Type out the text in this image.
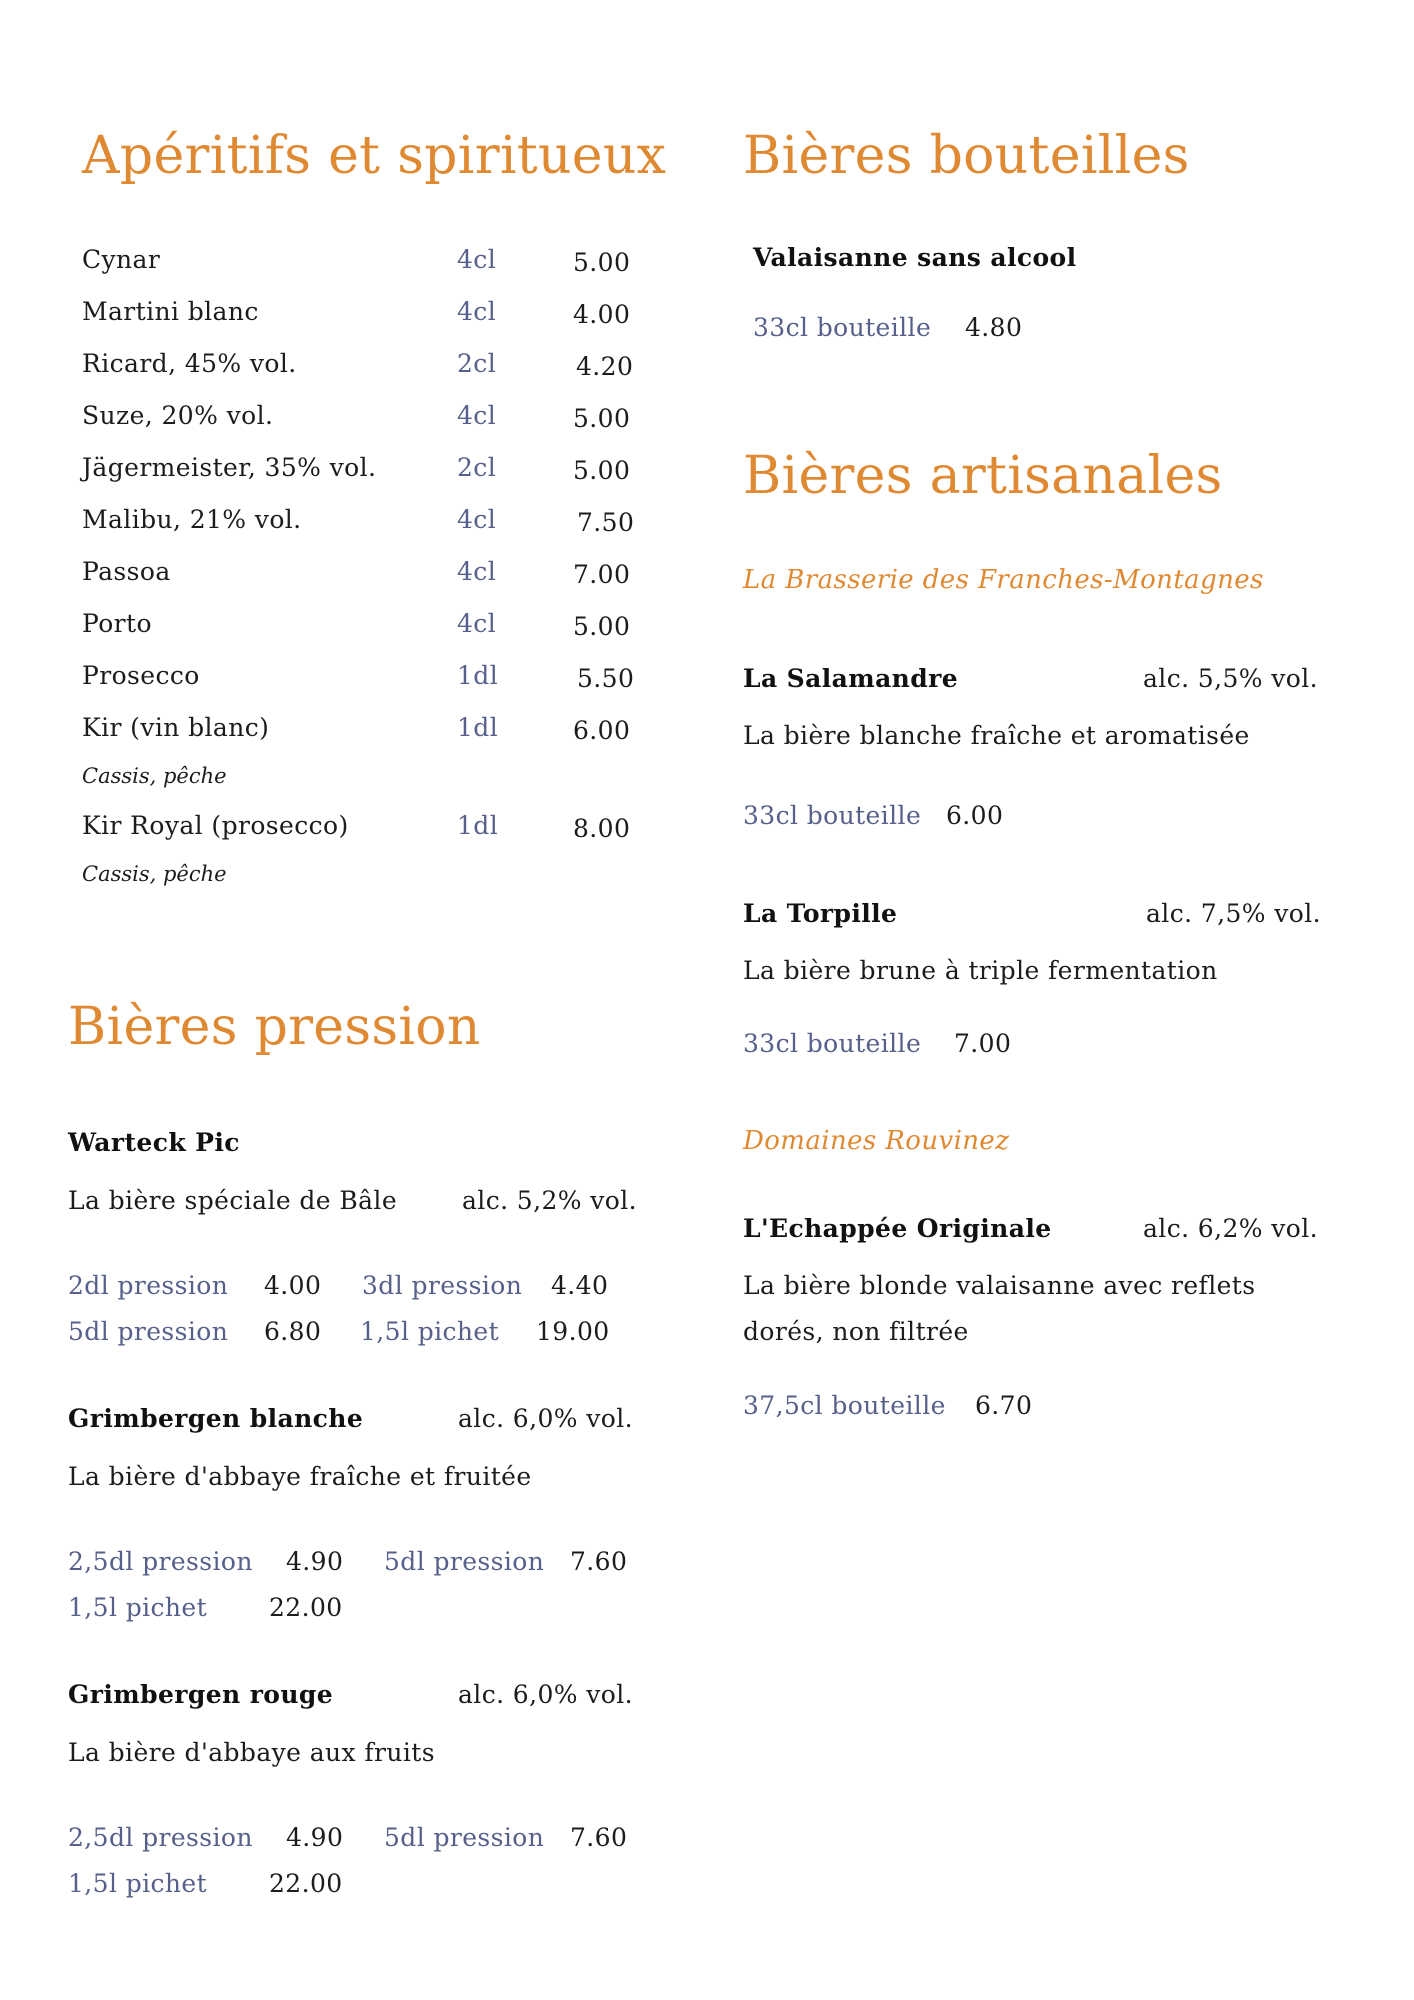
Apéritifs et spiritueux
Cynar	4cl	5.00
Martini blanc	4cl	4.00
Ricard, 45% vol.	2cl	4.20
Suze, 20% vol.	4cl	5.00
Jägermeister, 35% vol.	2cl	5.00
Malibu, 21% vol.	4cl	7.50
Passoa	4cl	7.00
Porto	4cl	5.00
Prosecco	1dl	5.50
Kir (vin blanc)	1dl	6.00
Cassis, pêche
Kir Royal (prosecco)	1dl	8.00
Cassis, pêche
Bières pression
Warteck Pic
La bière spéciale de Bâle	alc. 5,2% vol.
2dl pression 4.00 3dl pression 4.40
5dl pression 6.80 1,5l pichet 19.00
Grimbergen blanche	alc. 6,0% vol.
La bière d'abbaye fraîche et fruitée
2,5dl pression 4.90 5dl pression 7.60
1,5l pichet 22.00
Grimbergen rouge	alc. 6,0% vol.
La bière d'abbaye aux fruits
2,5dl pression 4.90 5dl pression 7.60
1,5l pichet 22.00
Bières bouteilles
Valaisanne sans alcool
33cl bouteille 4.80
Bières artisanales
La Brasserie des Franches-Montagnes
La Salamandre	alc. 5,5% vol.
La bière blanche fraîche et aromatisée
33cl bouteille 6.00
La Torpille	alc. 7,5% vol.
La bière brune à triple fermentation
33cl bouteille 7.00
Domaines Rouvinez
L'Echappée Originale	alc. 6,2% vol.
La bière blonde valaisanne avec reflets
dorés, non filtrée
37,5cl bouteille 6.70
